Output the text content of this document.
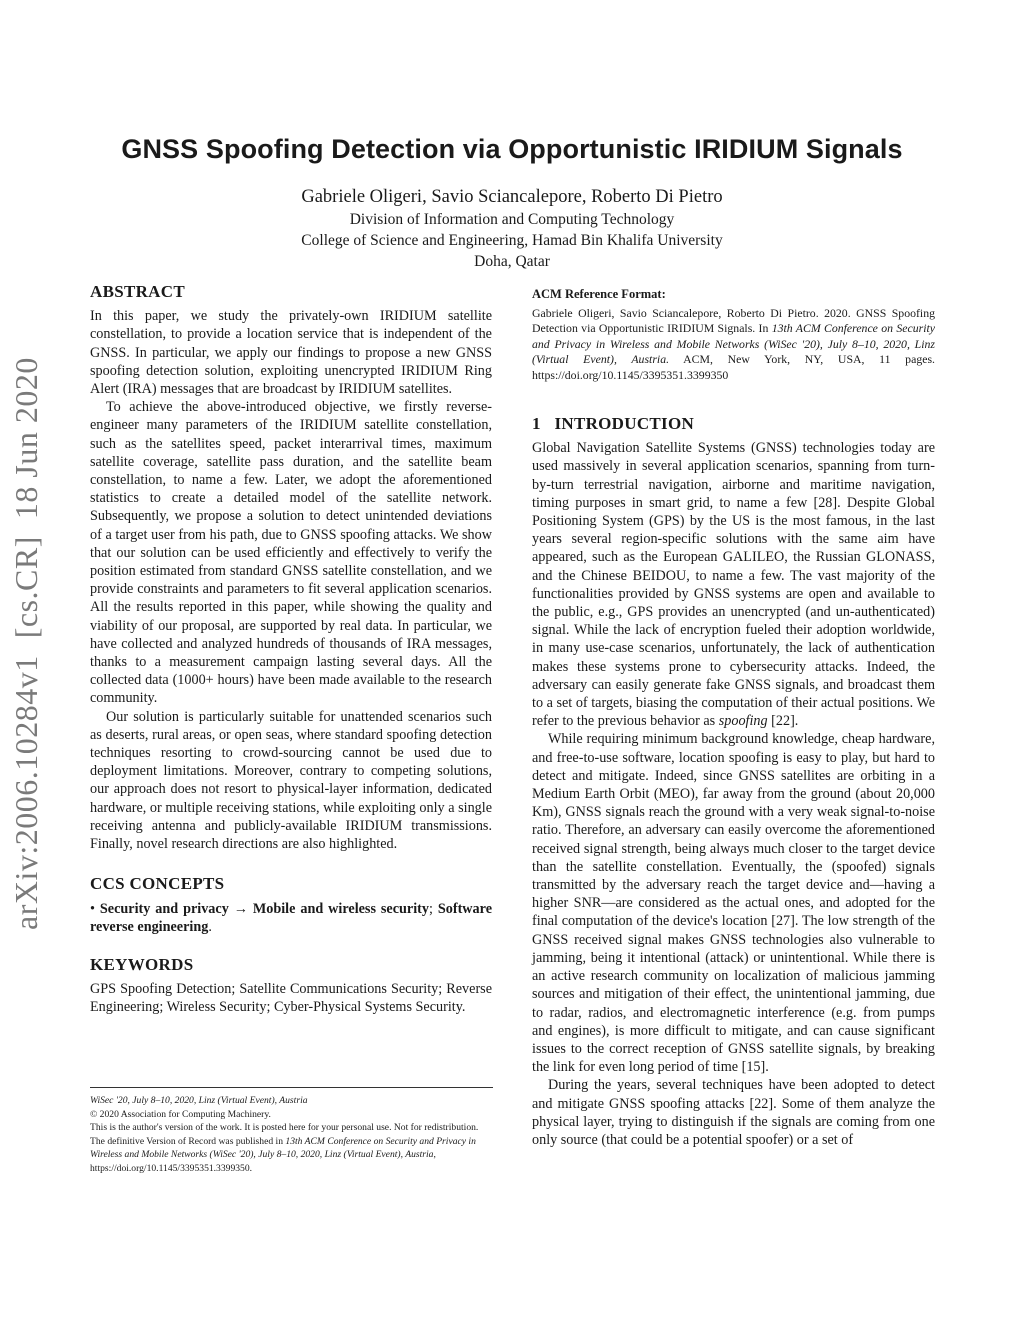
GNSS Spoofing Detection via Opportunistic IRIDIUM Signals
Gabriele Oligeri, Savio Sciancalepore, Roberto Di Pietro
Division of Information and Computing Technology
College of Science and Engineering, Hamad Bin Khalifa University
Doha, Qatar
arXiv:2006.10284v1  [cs.CR]  18 Jun 2020
ABSTRACT

In this paper, we study the privately-own IRIDIUM satellite constellation, to provide a location service that is independent of the GNSS. In particular, we apply our findings to propose a new GNSS spoofing detection solution, exploiting unencrypted IRIDIUM Ring Alert (IRA) messages that are broadcast by IRIDIUM satellites.

To achieve the above-introduced objective, we firstly reverse-engineer many parameters of the IRIDIUM satellite constellation, such as the satellites speed, packet interarrival times, maximum satellite coverage, satellite pass duration, and the satellite beam constellation, to name a few. Later, we adopt the aforementioned statistics to create a detailed model of the satellite network. Subsequently, we propose a solution to detect unintended deviations of a target user from his path, due to GNSS spoofing attacks. We show that our solution can be used efficiently and effectively to verify the position estimated from standard GNSS satellite constellation, and we provide constraints and parameters to fit several application scenarios. All the results reported in this paper, while showing the quality and viability of our proposal, are supported by real data. In particular, we have collected and analyzed hundreds of thousands of IRA messages, thanks to a measurement campaign lasting several days. All the collected data (1000+ hours) have been made available to the research community.

Our solution is particularly suitable for unattended scenarios such as deserts, rural areas, or open seas, where standard spoofing detection techniques resorting to crowd-sourcing cannot be used due to deployment limitations. Moreover, contrary to competing solutions, our approach does not resort to physical-layer information, dedicated hardware, or multiple receiving stations, while exploiting only a single receiving antenna and publicly-available IRIDIUM transmissions. Finally, novel research directions are also highlighted.

CCS CONCEPTS

• Security and privacy → Mobile and wireless security; Software reverse engineering.

KEYWORDS

GPS Spoofing Detection; Satellite Communications Security; Reverse Engineering; Wireless Security; Cyber-Physical Systems Security.

WiSec '20, July 8–10, 2020, Linz (Virtual Event), Austria
© 2020 Association for Computing Machinery.
This is the author's version of the work. It is posted here for your personal use. Not for redistribution. The definitive Version of Record was published in 13th ACM Conference on Security and Privacy in Wireless and Mobile Networks (WiSec '20), July 8–10, 2020, Linz (Virtual Event), Austria, https://doi.org/10.1145/3395351.3399350.
ACM Reference Format:

Gabriele Oligeri, Savio Sciancalepore, Roberto Di Pietro. 2020. GNSS Spoofing Detection via Opportunistic IRIDIUM Signals. In 13th ACM Conference on Security and Privacy in Wireless and Mobile Networks (WiSec '20), July 8–10, 2020, Linz (Virtual Event), Austria. ACM, New York, NY, USA, 11 pages. https://doi.org/10.1145/3395351.3399350

1   INTRODUCTION

Global Navigation Satellite Systems (GNSS) technologies today are used massively in several application scenarios, spanning from turn-by-turn terrestrial navigation, airborne and maritime navigation, timing purposes in smart grid, to name a few [28]. Despite Global Positioning System (GPS) by the US is the most famous, in the last years several region-specific solutions with the same aim have appeared, such as the European GALILEO, the Russian GLONASS, and the Chinese BEIDOU, to name a few. The vast majority of the functionalities provided by GNSS systems are open and available to the public, e.g., GPS provides an unencrypted (and un-authenticated) signal. While the lack of encryption fueled their adoption worldwide, in many use-case scenarios, unfortunately, the lack of authentication makes these systems prone to cybersecurity attacks. Indeed, the adversary can easily generate fake GNSS signals, and broadcast them to a set of targets, biasing the computation of their actual positions. We refer to the previous behavior as spoofing [22].

While requiring minimum background knowledge, cheap hardware, and free-to-use software, location spoofing is easy to play, but hard to detect and mitigate. Indeed, since GNSS satellites are orbiting in a Medium Earth Orbit (MEO), far away from the ground (about 20,000 Km), GNSS signals reach the ground with a very weak signal-to-noise ratio. Therefore, an adversary can easily overcome the aforementioned received signal strength, being always much closer to the target device than the satellite constellation. Eventually, the (spoofed) signals transmitted by the adversary reach the target device and—having a higher SNR—are considered as the actual ones, and adopted for the final computation of the device's location [27]. The low strength of the GNSS received signal makes GNSS technologies also vulnerable to jamming, being it intentional (attack) or unintentional. While there is an active research community on localization of malicious jamming sources and mitigation of their effect, the unintentional jamming, due to radar, radios, and electromagnetic interference (e.g. from pumps and engines), is more difficult to mitigate, and can cause significant issues to the correct reception of GNSS satellite signals, by breaking the link for even long period of time [15].

During the years, several techniques have been adopted to detect and mitigate GNSS spoofing attacks [22]. Some of them analyze the physical layer, trying to distinguish if the signals are coming from one only source (that could be a potential spoofer) or a set of
